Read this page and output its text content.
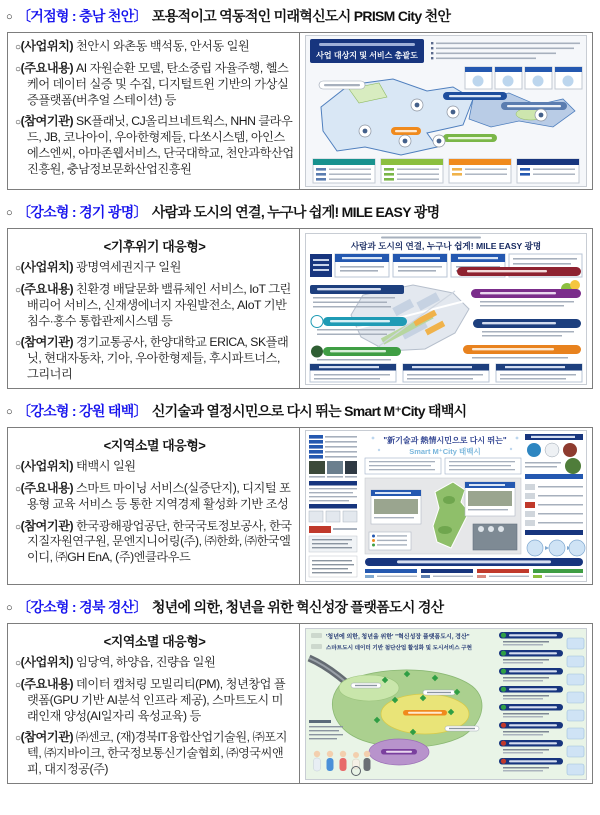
○ 〔거점형 : 충남 천안〕 포용적이고 역동적인 미래혁신도시 PRISM City 천안
○(사업위치) 천안시 와촌동 백석동, 안서동 일원
○(주요내용) AI 자원순환 모델, 탄소중립 자율주행, 헬스케어 데이터 실증 및 수집, 디지털트윈 기반의 가상실증플랫폼(버추얼 스테이션) 등
○(참여기관) SK플래닛, CJ올리브네트웍스, NHN 클라우드, JB, 코나아이, 우아한형제들, 다쏘시스템, 아인스에스엔씨, 아마존웹서비스, 단국대학교, 천안과학산업진흥원, 충남정보문화산업진흥원
사업 대상지 및 서비스 총괄도
○ 〔강소형 : 경기 광명〕 사람과 도시의 연결, 누구나 쉽게! MILE EASY 광명
<기후위기 대응형>
○(사업위치) 광명역세권지구 일원
○(주요내용) 친환경 배달문화 밸류체인 서비스, IoT 그린배리어 서비스, 신재생에너지 자원발전소, AIoT 기반 침수·홍수 통합관제시스템 등
○(참여기관) 경기교통공사, 한양대학교 ERICA, SK플래닛, 현대자동차, 기아, 우아한형제들, 후시파트너스, 그리너리
사람과 도시의 연결, 누구나 쉽게! MILE EASY 광명
○ 〔강소형 : 강원 태백〕 신기술과 열정시민으로 다시 뛰는 Smart M⁺City 태백시
<지역소멸 대응형>
○(사업위치) 태백시 일원
○(주요내용) 스마트 마이닝 서비스(실증단지), 디지털 포용형 교육 서비스 등 통한 지역경제 활성화 기반 조성
○(참여기관) 한국광해광업공단, 한국국토정보공사, 한국지질자원연구원, 문엔지니어링(주), ㈜한화, ㈜한국엘이디, ㈜GH EnA, (주)엔클라우드
"新기술과 熱情시민으로 다시 뛰는"
Smart M⁺City 태백시
○ 〔강소형 : 경북 경산〕 청년에 의한, 청년을 위한 혁신성장 플랫폼도시 경산
<지역소멸 대응형>
○(사업위치) 임당역, 하양읍, 진량읍 일원
○(주요내용) 데이터 캡처링 모빌리티(PM), 청년창업 플랫폼(GPU 기반 AI분석 인프라 제공), 스마트도시 미래인재 양성(AI일자리 육성교육) 등
○(참여기관) ㈜센코, (재)경북IT융합산업기술원, ㈜포지텍, ㈜지바이크, 한국정보통신기술협회, ㈜영국씨앤피, 대지정공(주)
'청년에 의한, 청년을 위한' "혁신성장 플랫폼도시, 경산"
스마트도시 데이터 기반 첨단산업 활성화 및 도시서비스 구현
